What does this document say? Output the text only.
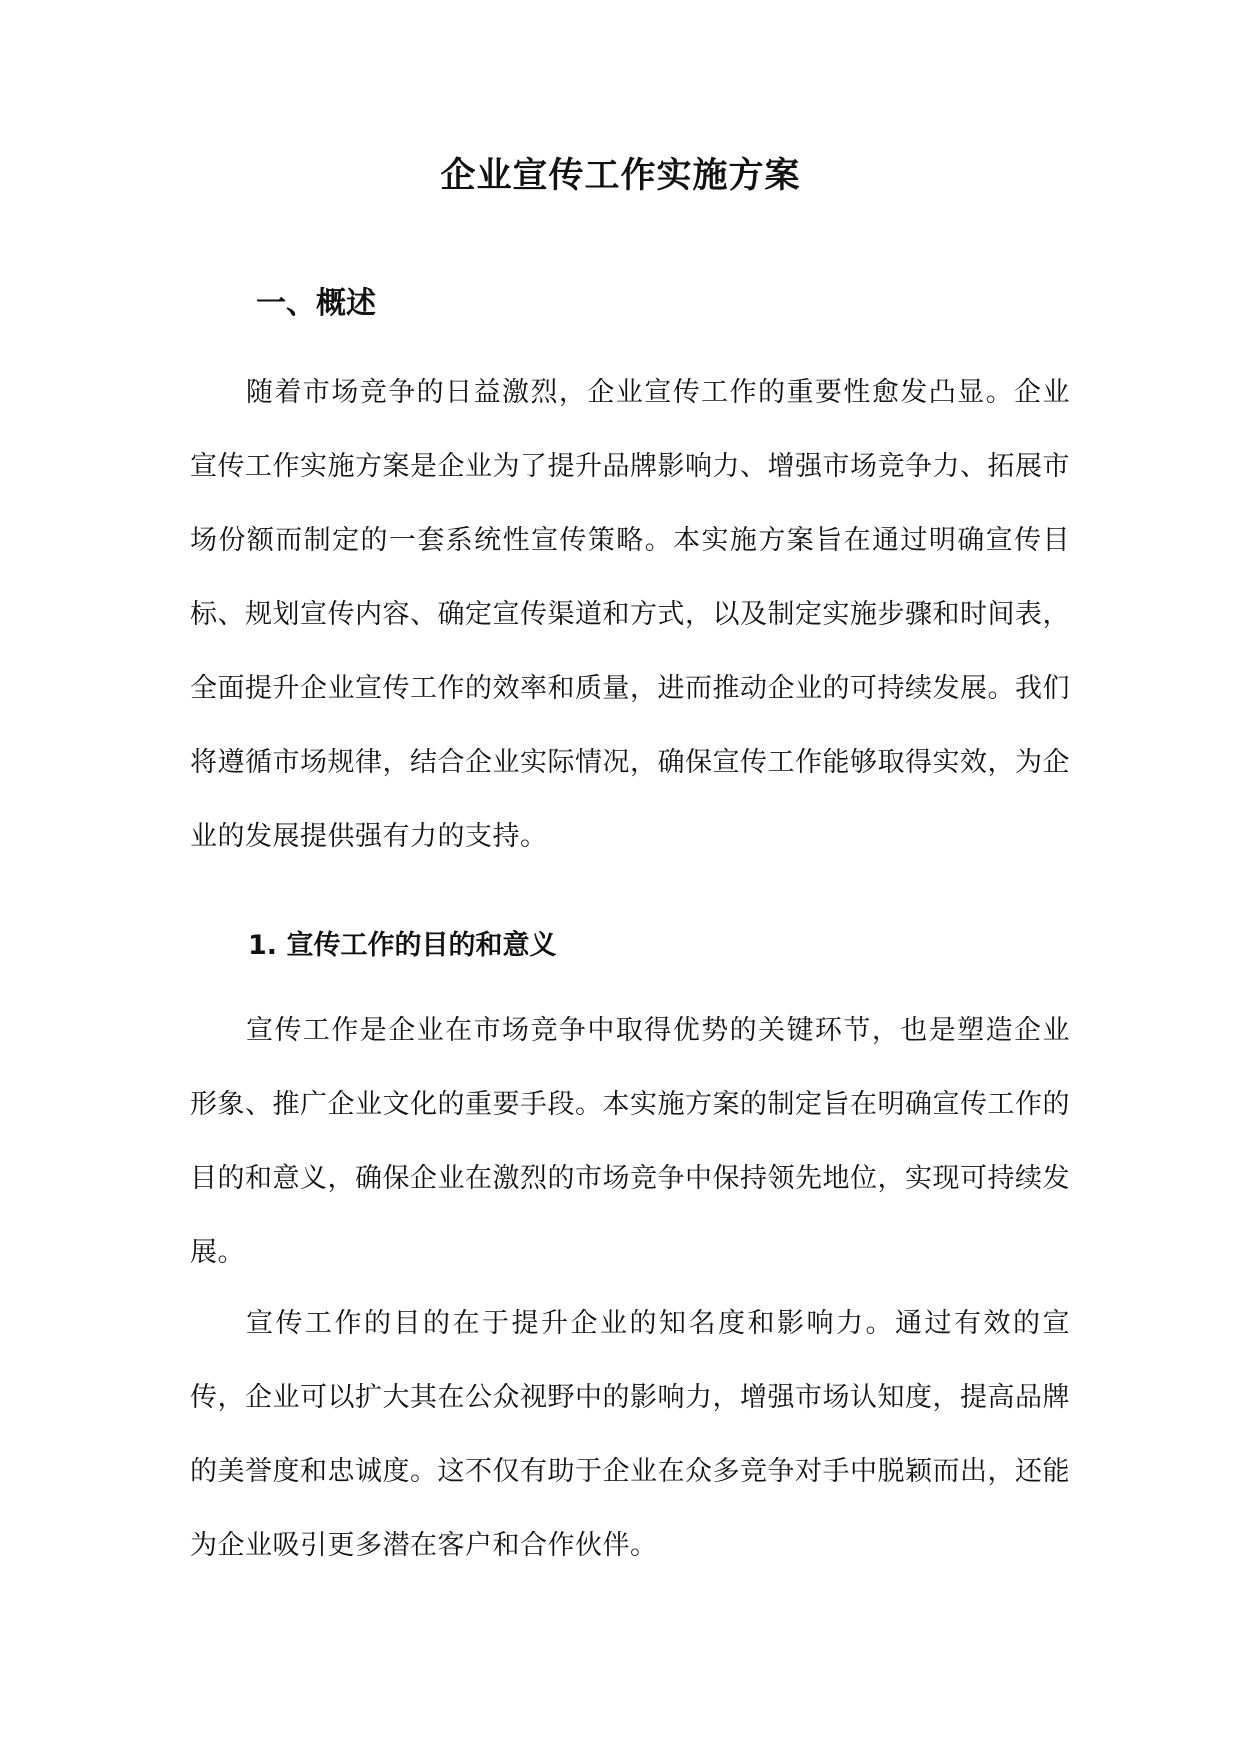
企业宣传工作实施方案
一、概述

随着市场竞争的日益激烈，企业宣传工作的重要性愈发凸显。企业宣传工作实施方案是企业为了提升品牌影响力、增强市场竞争力、拓展市场份额而制定的一套系统性宣传策略。本实施方案旨在通过明确宣传目标、规划宣传内容、确定宣传渠道和方式，以及制定实施步骤和时间表，全面提升企业宣传工作的效率和质量，进而推动企业的可持续发展。我们将遵循市场规律，结合企业实际情况，确保宣传工作能够取得实效，为企业的发展提供强有力的支持。

1. 宣传工作的目的和意义

宣传工作是企业在市场竞争中取得优势的关键环节，也是塑造企业形象、推广企业文化的重要手段。本实施方案的制定旨在明确宣传工作的目的和意义，确保企业在激烈的市场竞争中保持领先地位，实现可持续发展。

宣传工作的目的在于提升企业的知名度和影响力。通过有效的宣传，企业可以扩大其在公众视野中的影响力，增强市场认知度，提高品牌的美誉度和忠诚度。这不仅有助于企业在众多竞争对手中脱颖而出，还能为企业吸引更多潜在客户和合作伙伴。
